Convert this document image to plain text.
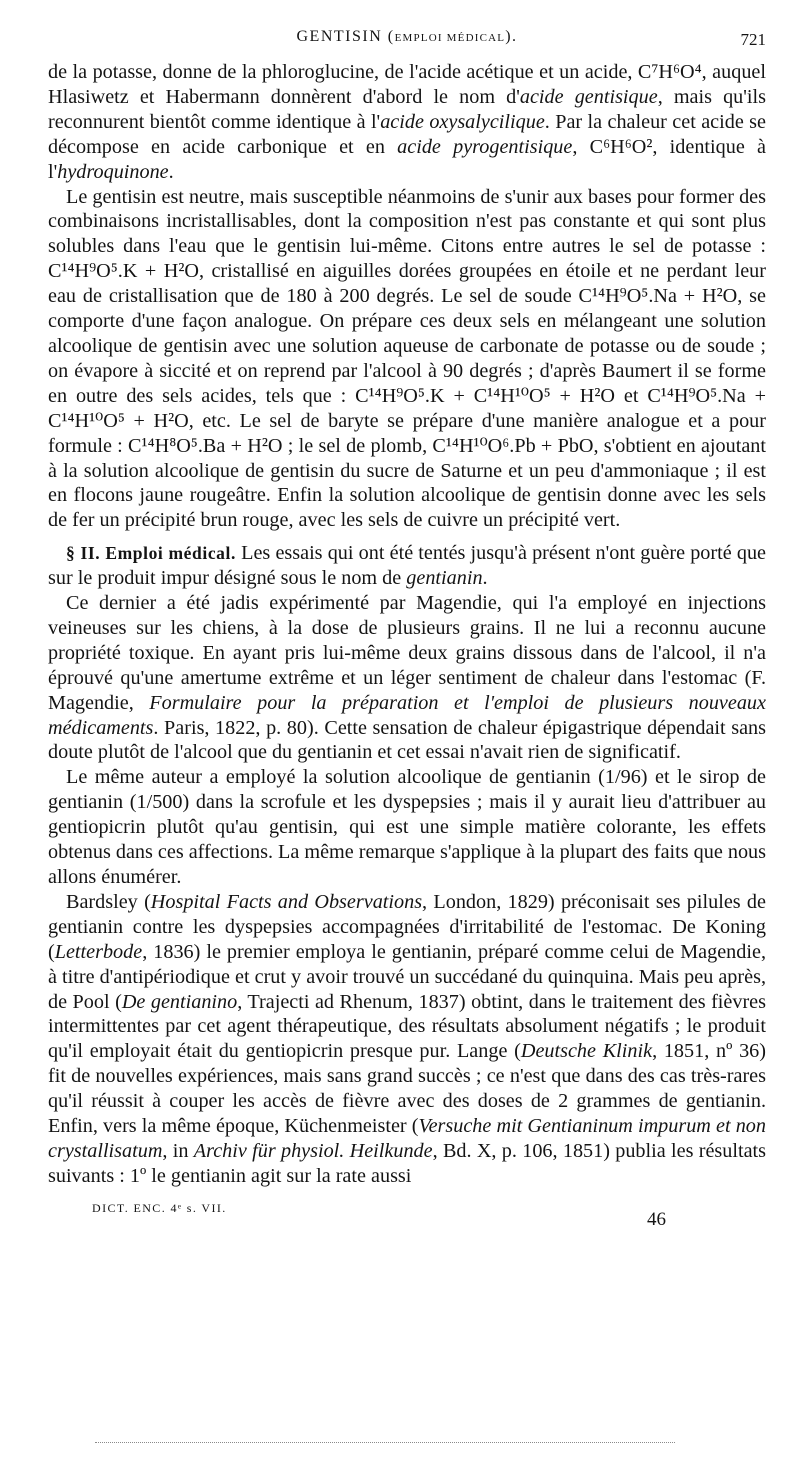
GENTISIN (EMPLOI MÉDICAL).	721

de la potasse, donne de la phloroglucine, de l'acide acétique et un acide, C⁷H⁶O⁴, auquel Hlasiwetz et Habermann donnèrent d'abord le nom d'acide gentisique, mais qu'ils reconnurent bientôt comme identique à l'acide oxysalycilique. Par la chaleur cet acide se décompose en acide carbonique et en acide pyrogentisique, C⁶H⁶O², identique à l'hydroquinone.

Le gentisin est neutre, mais susceptible néanmoins de s'unir aux bases pour former des combinaisons incristallisables, dont la composition n'est pas constante et qui sont plus solubles dans l'eau que le gentisin lui-même. Citons entre autres le sel de potasse : C¹⁴H⁹O⁵.K + H²O, cristallisé en aiguilles dorées groupées en étoile et ne perdant leur eau de cristallisation que de 180 à 200 degrés. Le sel de soude C¹⁴H⁹O⁵.Na + H²O, se comporte d'une façon analogue. On prépare ces deux sels en mélangeant une solution alcoolique de gentisin avec une solution aqueuse de carbonate de potasse ou de soude ; on évapore à siccité et on reprend par l'alcool à 90 degrés ; d'après Baumert il se forme en outre des sels acides, tels que : C¹⁴H⁹O⁵.K + C¹⁴H¹⁰O⁵ + H²O et C¹⁴H⁹O⁵.Na + C¹⁴H¹⁰O⁵ + H²O, etc. Le sel de baryte se prépare d'une manière analogue et a pour formule : C¹⁴H⁸O⁵.Ba + H²O ; le sel de plomb, C¹⁴H¹⁰O⁶.Pb + PbO, s'obtient en ajoutant à la solution alcoolique de gentisin du sucre de Saturne et un peu d'ammoniaque ; il est en flocons jaune rougeâtre. Enfin la solution alcoolique de gentisin donne avec les sels de fer un précipité brun rouge, avec les sels de cuivre un précipité vert.

§ II. Emploi médical. Les essais qui ont été tentés jusqu'à présent n'ont guère porté que sur le produit impur désigné sous le nom de gentianin.

Ce dernier a été jadis expérimenté par Magendie, qui l'a employé en injections veineuses sur les chiens, à la dose de plusieurs grains. Il ne lui a reconnu aucune propriété toxique. En ayant pris lui-même deux grains dissous dans de l'alcool, il n'a éprouvé qu'une amertume extrême et un léger sentiment de chaleur dans l'estomac (F. Magendie, Formulaire pour la préparation et l'emploi de plusieurs nouveaux médicaments. Paris, 1822, p. 80). Cette sensation de chaleur épigastrique dépendait sans doute plutôt de l'alcool que du gentianin et cet essai n'avait rien de significatif.

Le même auteur a employé la solution alcoolique de gentianin (1/96) et le sirop de gentianin (1/500) dans la scrofule et les dyspepsies ; mais il y aurait lieu d'attribuer au gentiopicrin plutôt qu'au gentisin, qui est une simple matière colorante, les effets obtenus dans ces affections. La même remarque s'applique à la plupart des faits que nous allons énumérer.

Bardsley (Hospital Facts and Observations, London, 1829) préconisait ses pilules de gentianin contre les dyspepsies accompagnées d'irritabilité de l'estomac. De Koning (Letterbode, 1836) le premier employa le gentianin, préparé comme celui de Magendie, à titre d'antipériodique et crut y avoir trouvé un succédané du quinquina. Mais peu après, de Pool (De gentianino, Trajecti ad Rhenum, 1837) obtint, dans le traitement des fièvres intermittentes par cet agent thérapeutique, des résultats absolument négatifs ; le produit qu'il employait était du gentiopicrin presque pur. Lange (Deutsche Klinik, 1851, nº 36) fit de nouvelles expériences, mais sans grand succès ; ce n'est que dans des cas très-rares qu'il réussit à couper les accès de fièvre avec des doses de 2 grammes de gentianin. Enfin, vers la même époque, Küchenmeister (Versuche mit Gentianinum impurum et non crystallisatum, in Archiv für physiol. Heilkunde, Bd. X, p. 106, 1851) publia les résultats suivants : 1º le gentianin agit sur la rate aussi

DICT. ENC. 4ᵉ s. VII.
46
